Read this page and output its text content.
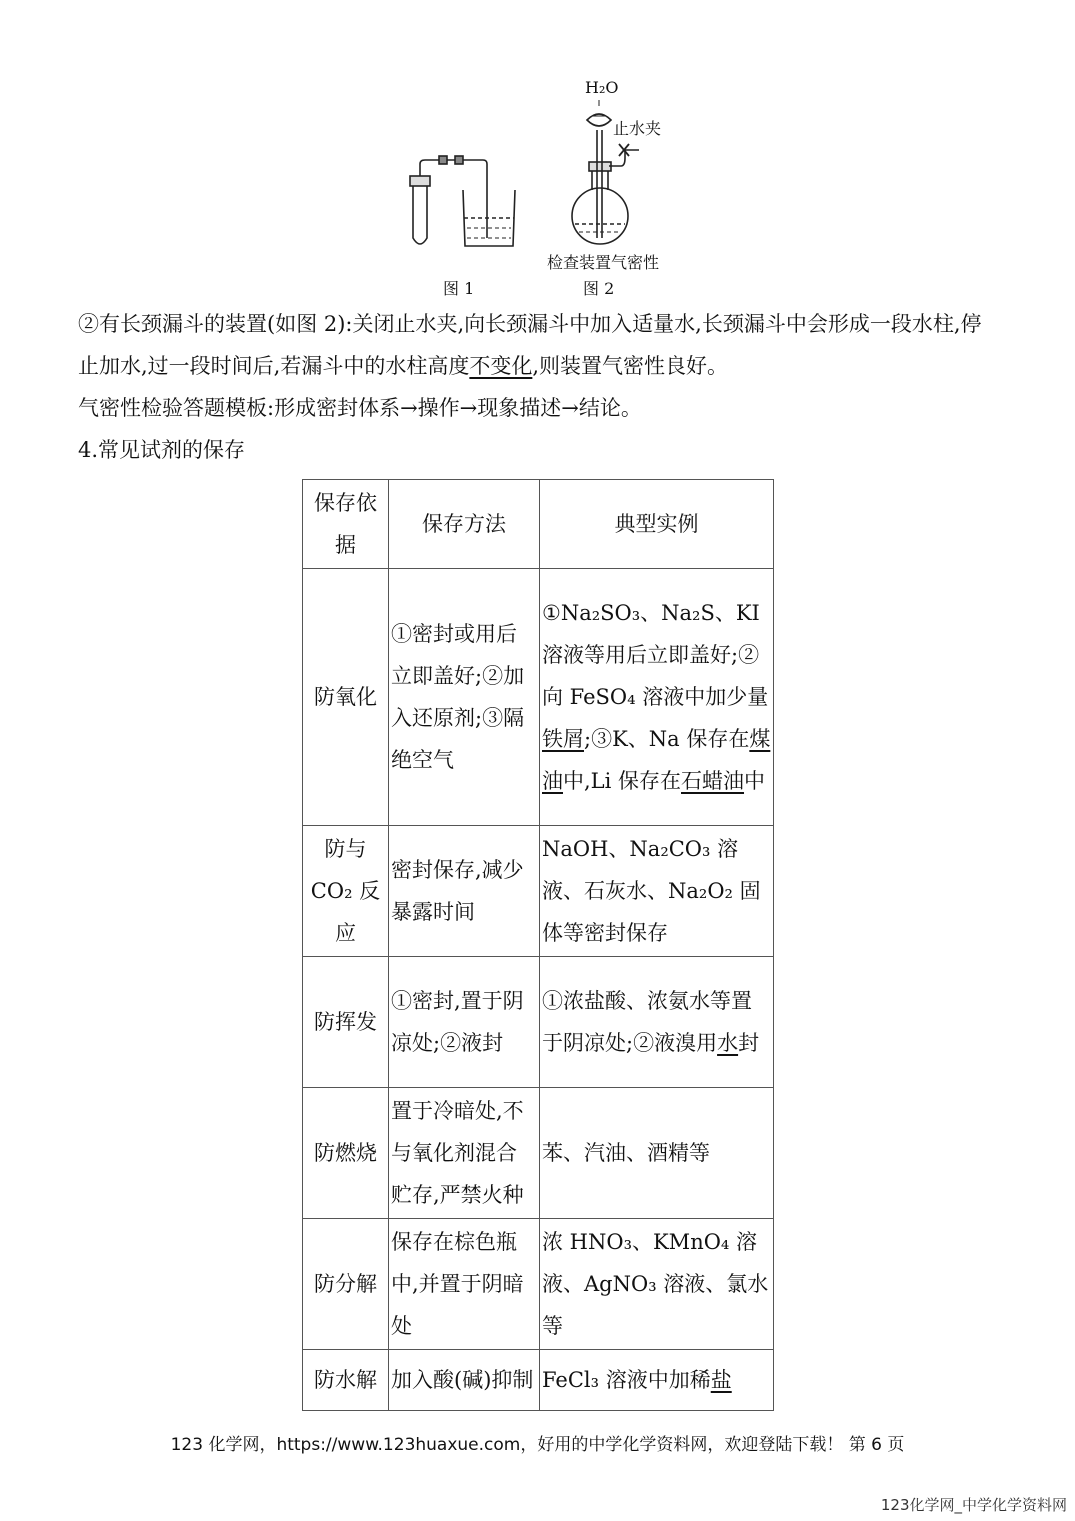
H₂O
止水夹
检查装置气密性
图 1	图 2
②有长颈漏斗的装置(如图 2):关闭止水夹,向长颈漏斗中加入适量水,长颈漏斗中会形成一段水柱,停止加水,过一段时间后,若漏斗中的水柱高度不变化,则装置气密性良好。
气密性检验答题模板:形成密封体系→操作→现象描述→结论。
4.常见试剂的保存
保存依据	保存方法	典型实例
防氧化	①密封或用后立即盖好;②加入还原剂;③隔绝空气	①Na₂SO₃、Na₂S、KI 溶液等用后立即盖好;②向 FeSO₄ 溶液中加少量铁屑;③K、Na 保存在煤油中,Li 保存在石蜡油中
防与 CO₂ 反应	密封保存,减少暴露时间	NaOH、Na₂CO₃ 溶液、石灰水、Na₂O₂ 固体等密封保存
防挥发	①密封,置于阴凉处;②液封	①浓盐酸、浓氨水等置于阴凉处;②液溴用水封
防燃烧	置于冷暗处,不与氧化剂混合贮存,严禁火种	苯、汽油、酒精等
防分解	保存在棕色瓶中,并置于阴暗处	浓 HNO₃、KMnO₄ 溶液、AgNO₃ 溶液、氯水等
防水解	加入酸(碱)抑制	FeCl₃ 溶液中加稀盐
123 化学网，https://www.123huaxue.com，好用的中学化学资料网，欢迎登陆下载！ 第 6 页
123化学网_中学化学资料网
